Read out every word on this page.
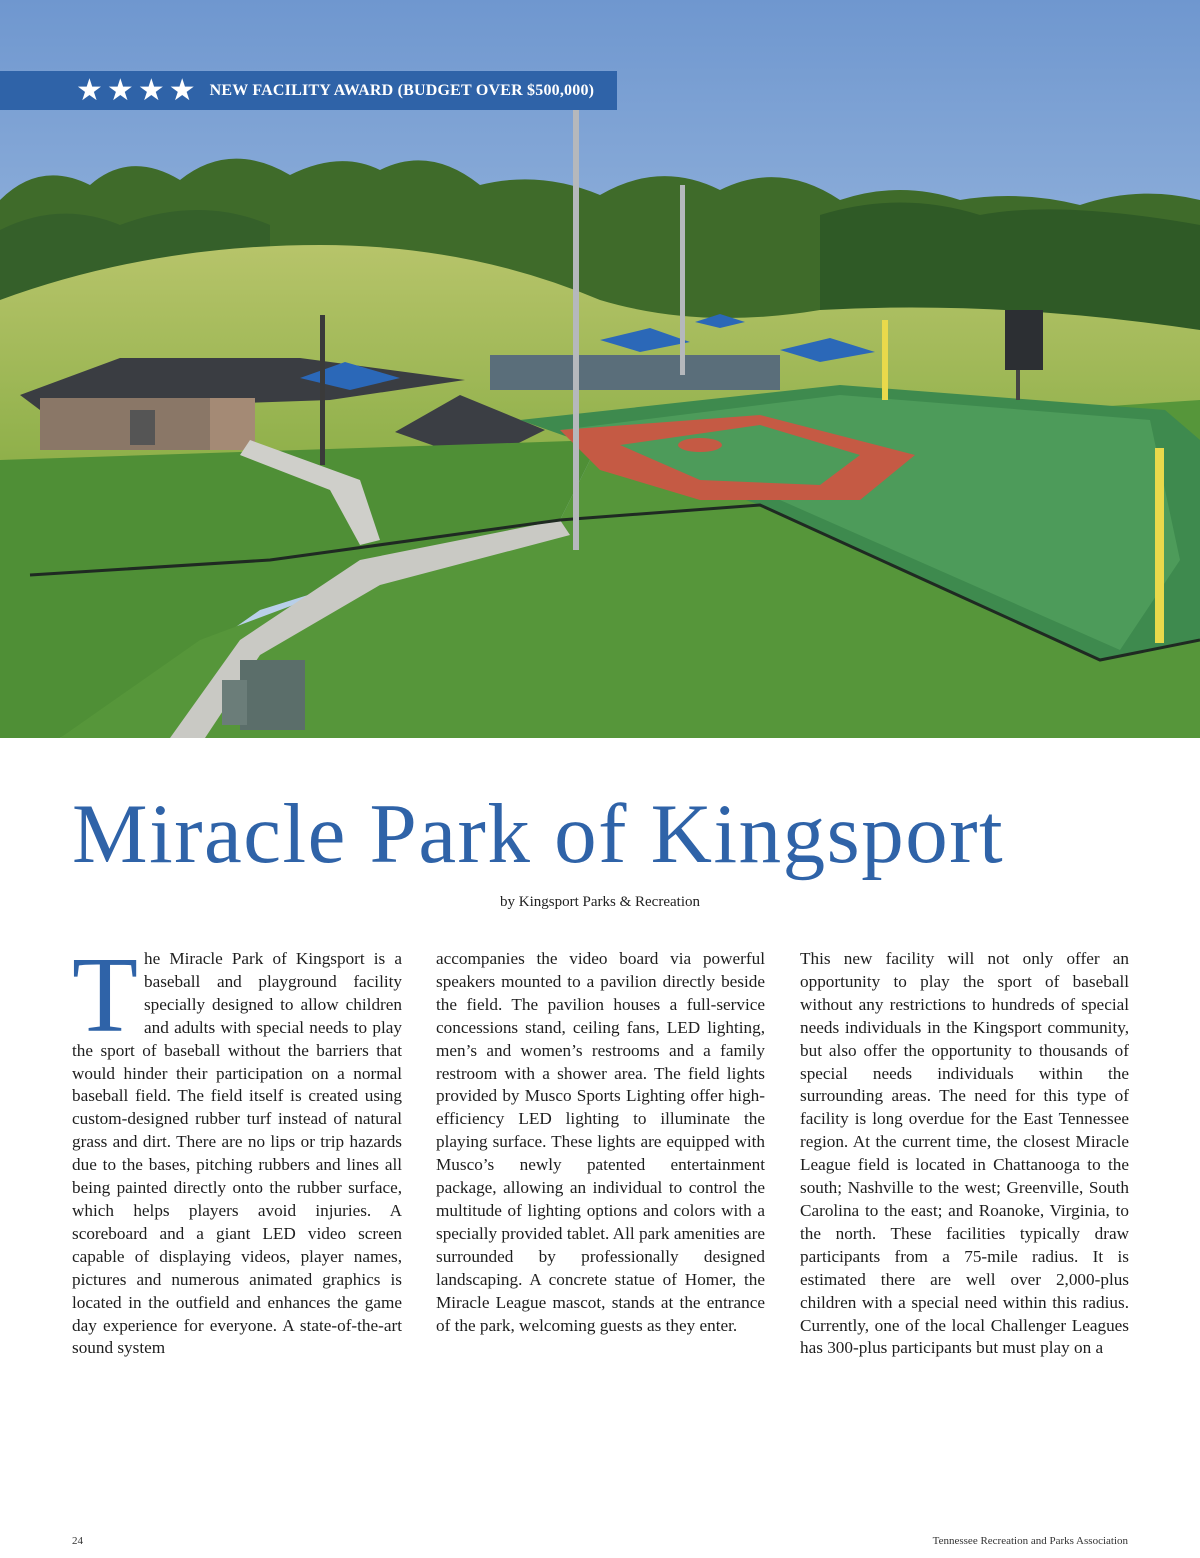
★ ★ ★ ★ NEW FACILITY AWARD (BUDGET OVER $500,000)
Miracle Park of Kingsport
by Kingsport Parks & Recreation

The Miracle Park of Kingsport is a baseball and playground facility specially designed to allow children and adults with special needs to play the sport of baseball without the barriers that would hinder their participation on a normal baseball field. The field itself is created using custom-designed rubber turf instead of natural grass and dirt. There are no lips or trip hazards due to the bases, pitching rubbers and lines all being painted directly onto the rubber surface, which helps players avoid injuries. A scoreboard and a giant LED video screen capable of displaying videos, player names, pictures and numerous animated graphics is located in the outfield and enhances the game day experience for everyone. A state-of-the-art sound system

accompanies the video board via powerful speakers mounted to a pavilion directly beside the field. The pavilion houses a full-service concessions stand, ceiling fans, LED lighting, men’s and women’s restrooms and a family restroom with a shower area. The field lights provided by Musco Sports Lighting offer high-efficiency LED lighting to illuminate the playing surface. These lights are equipped with Musco’s newly patented entertainment package, allowing an individual to control the multitude of lighting options and colors with a specially provided tablet. All park amenities are surrounded by professionally designed landscaping. A concrete statue of Homer, the Miracle League mascot, stands at the entrance of the park, welcoming guests as they enter.

This new facility will not only offer an opportunity to play the sport of baseball without any restrictions to hundreds of special needs individuals in the Kingsport community, but also offer the opportunity to thousands of special needs individuals within the surrounding areas. The need for this type of facility is long overdue for the East Tennessee region. At the current time, the closest Miracle League field is located in Chattanooga to the south; Nashville to the west; Greenville, South Carolina to the east; and Roanoke, Virginia, to the north. These facilities typically draw participants from a 75-mile radius. It is estimated there are well over 2,000-plus children with a special need within this radius. Currently, one of the local Challenger Leagues has 300-plus participants but must play on a

24	Tennessee Recreation and Parks Association
